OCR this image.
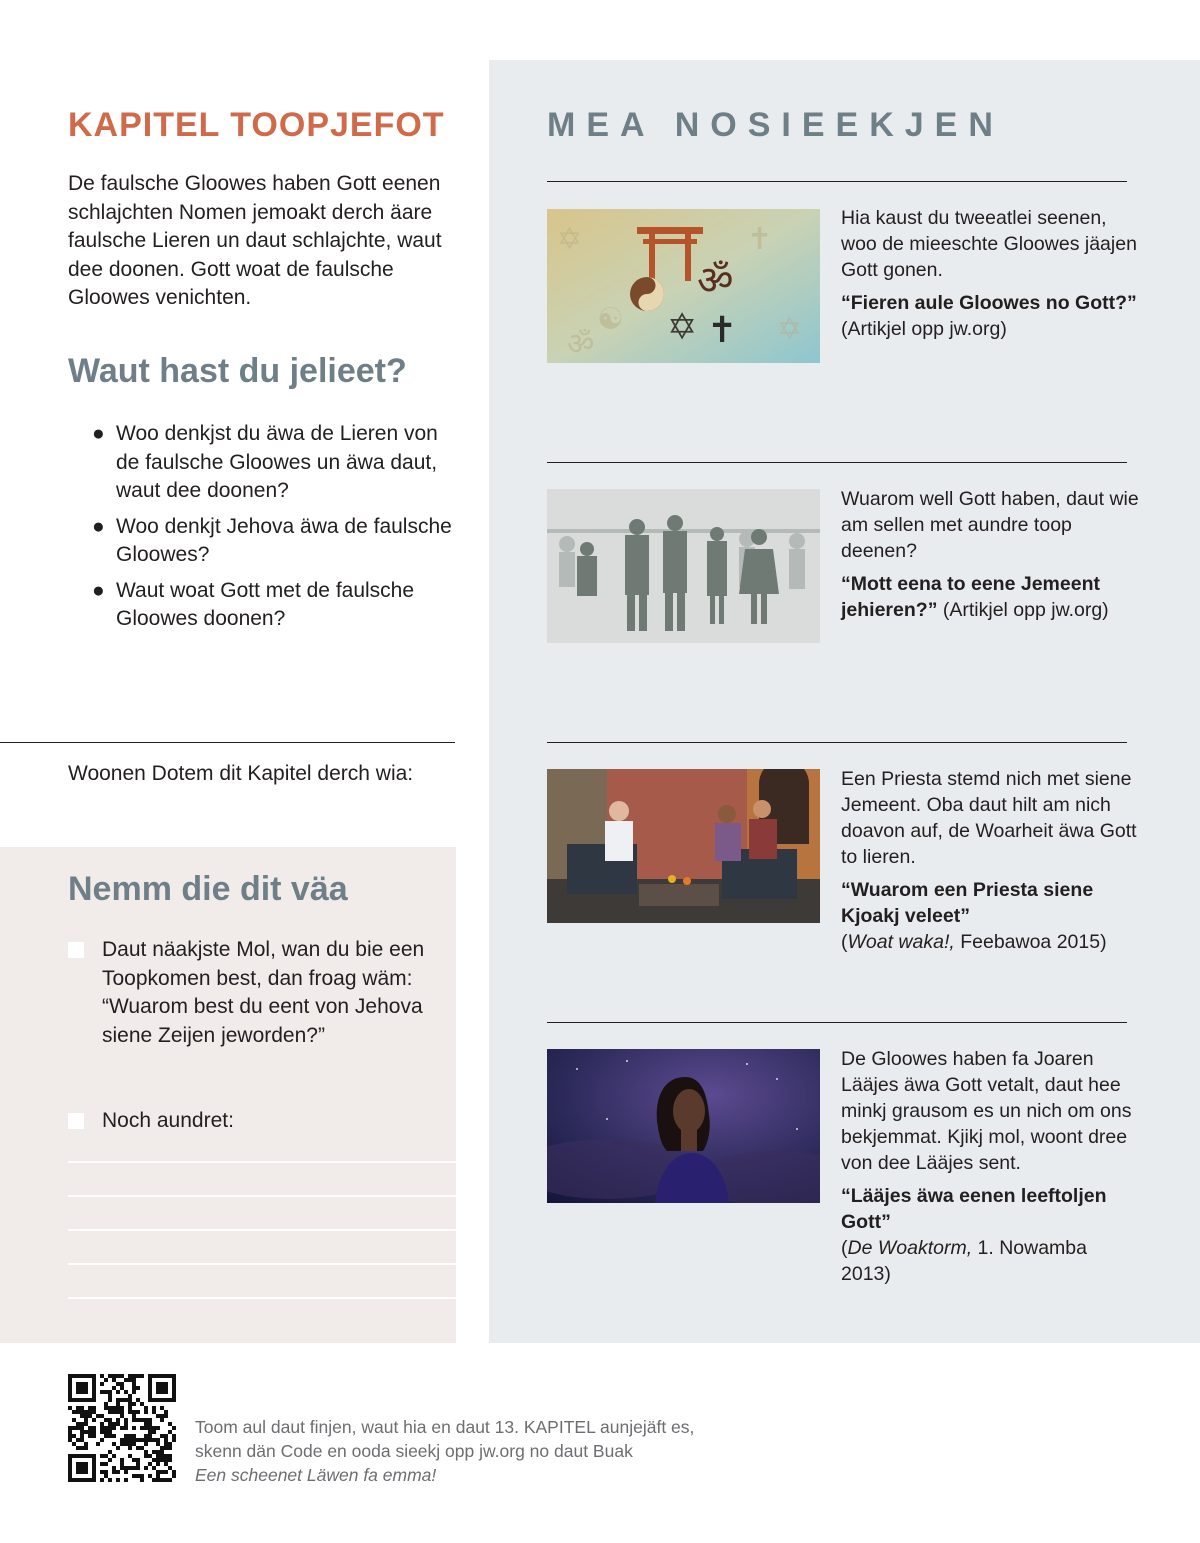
KAPITEL TOOPJEFOT
De faulsche Gloowes haben Gott eenen schlajchten Nomen jemoakt derch äare faulsche Lieren un daut schlajchte, waut dee doonen. Gott woat de faulsche Gloowes venichten.
Waut hast du jelieet?
● Woo denkjst du äwa de Lieren von de faulsche Gloowes un äwa daut, waut dee doonen?
● Woo denkjt Jehova äwa de faulsche Gloowes?
● Waut woat Gott met de faulsche Gloowes doonen?
Woonen Dotem dit Kapitel derch wia:
Nemm die dit väa
Daut näakjste Mol, wan du bie een Toopkomen best, dan froag wäm: “Wuarom best du eent von Jehova siene Zeijen jeworden?”
Noch aundret:
MEA NOSIEEKJEN
✡
☯
✝
✡
ॐ
ॐ
✡ ✝
Hia kaust du tweeatlei seenen, woo de mieeschte Gloowes jäajen Gott gonen.
“Fieren aule Gloowes no Gott?” (Artikjel opp jw.org)
Wuarom well Gott haben, daut wie am sellen met aundre toop deenen?
“Mott eena to eene Jemeent jehieren?” (Artikjel opp jw.org)
Een Priesta stemd nich met siene Jemeent. Oba daut hilt am nich doavon auf, de Woarheit äwa Gott to lieren.
“Wuarom een Priesta siene Kjoakj veleet”
(Woat waka!, Feebawoa 2015)
De Gloowes haben fa Joaren Lääjes äwa Gott vetalt, daut hee minkj grausom es un nich om ons bekjemmat. Kjikj mol, woont dree von dee Lääjes sent.
“Lääjes äwa eenen leeftoljen Gott”
(De Woaktorm, 1. Nowamba 2013)
Toom aul daut finjen, waut hia en daut 13. KAPITEL aunjejäft es, skenn dän Code en ooda sieekj opp jw.org no daut Buak
Een scheenet Läwen fa emma!
